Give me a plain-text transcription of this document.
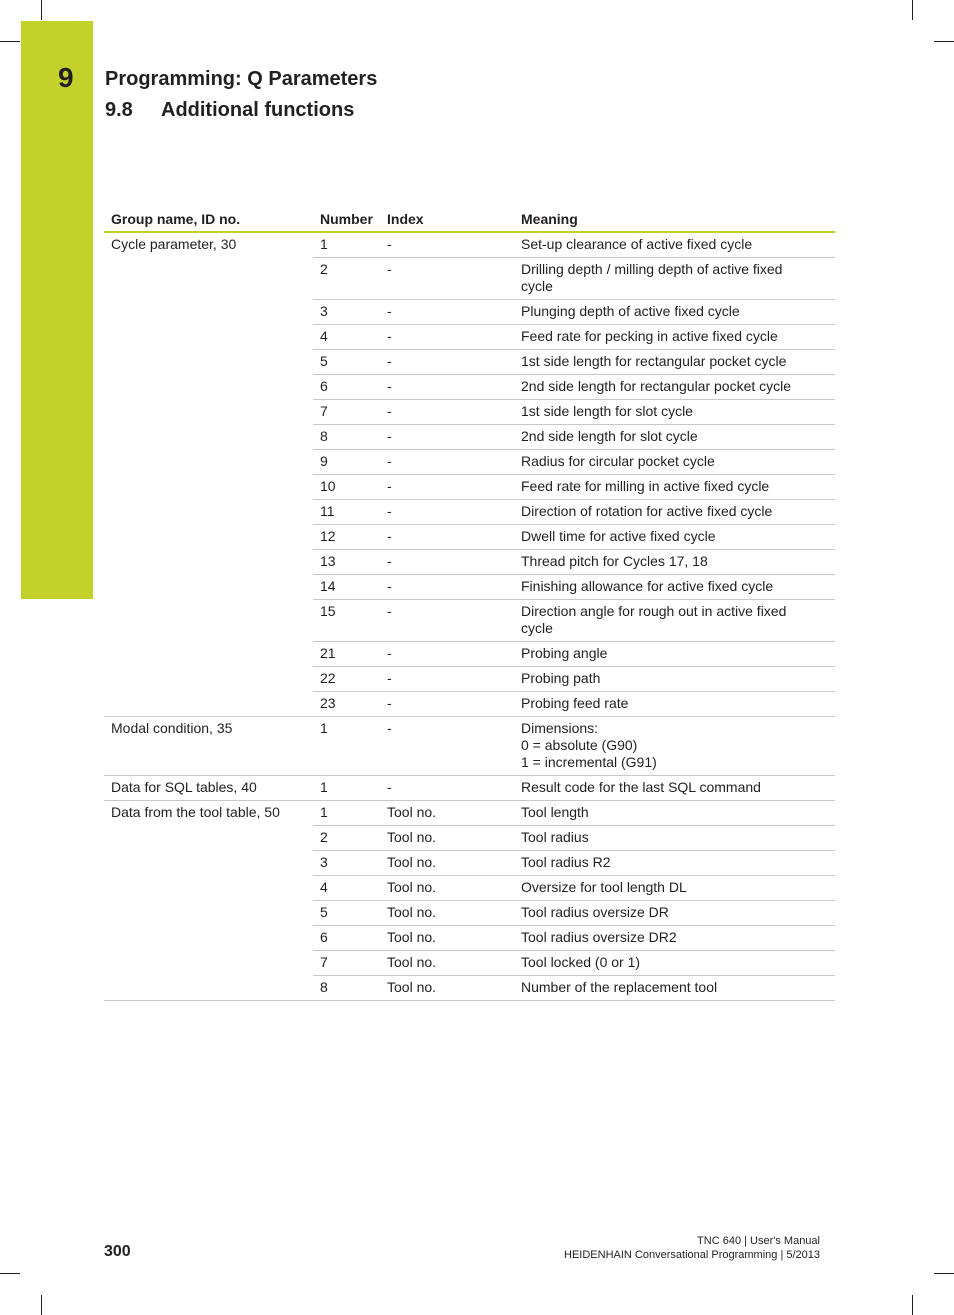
9 Programming: Q Parameters
9.8 Additional functions
Group name, ID no.	Number	Index	Meaning
Cycle parameter, 30	1	-	Set-up clearance of active fixed cycle

	2	-	Drilling depth / milling depth of active fixed
cycle

	3	-	Plunging depth of active fixed cycle

	4	-	Feed rate for pecking in active fixed cycle

	5	-	1st side length for rectangular pocket cycle

	6	-	2nd side length for rectangular pocket cycle

	7	-	1st side length for slot cycle

	8	-	2nd side length for slot cycle

	9	-	Radius for circular pocket cycle

	10	-	Feed rate for milling in active fixed cycle

	11	-	Direction of rotation for active fixed cycle

	12	-	Dwell time for active fixed cycle

	13	-	Thread pitch for Cycles 17, 18

	14	-	Finishing allowance for active fixed cycle

	15	-	Direction angle for rough out in active fixed
cycle

	21	-	Probing angle

	22	-	Probing path

	23	-	Probing feed rate

Modal condition, 35	1	-	Dimensions:
0 = absolute (G90)
1 = incremental (G91)

Data for SQL tables, 40	1	-	Result code for the last SQL command

Data from the tool table, 50	1	Tool no.	Tool length

	2	Tool no.	Tool radius

	3	Tool no.	Tool radius R2

	4	Tool no.	Oversize for tool length DL

	5	Tool no.	Tool radius oversize DR

	6	Tool no.	Tool radius oversize DR2

	7	Tool no.	Tool locked (0 or 1)

	8	Tool no.	Number of the replacement tool
300
TNC 640 | User's Manual
HEIDENHAIN Conversational Programming | 5/2013
